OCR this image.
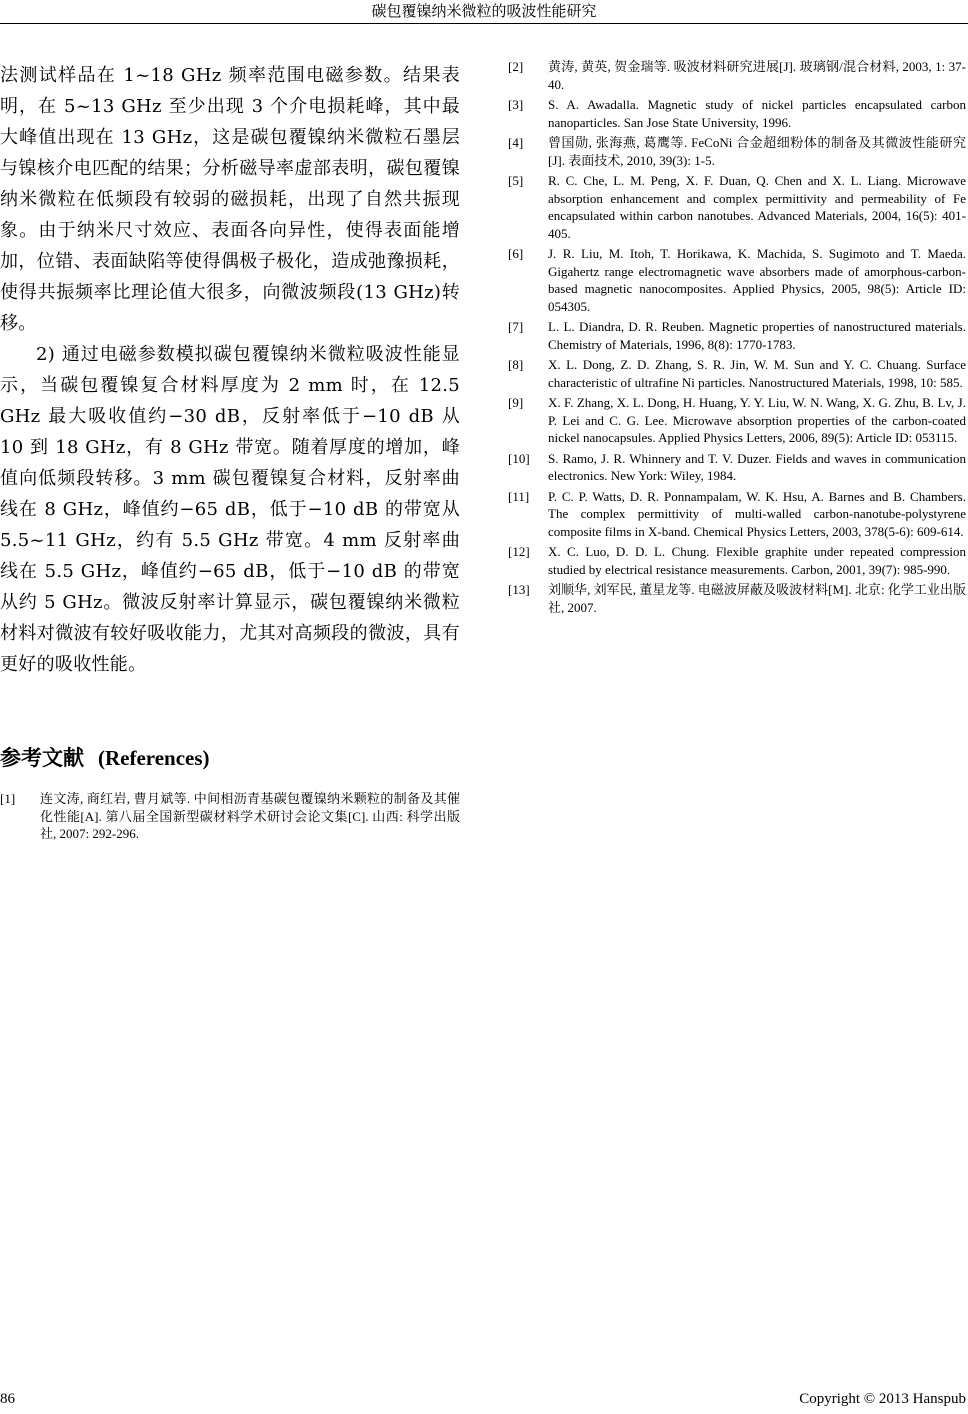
碳包覆镍纳米微粒的吸波性能研究

法测试样品在 1~18 GHz 频率范围电磁参数。结果表明，在 5~13 GHz 至少出现 3 个介电损耗峰，其中最大峰值出现在 13 GHz，这是碳包覆镍纳米微粒石墨层与镍核介电匹配的结果；分析磁导率虚部表明，碳包覆镍纳米微粒在低频段有较弱的磁损耗，出现了自然共振现象。由于纳米尺寸效应、表面各向异性，使得表面能增加，位错、表面缺陷等使得偶极子极化，造成弛豫损耗，使得共振频率比理论值大很多，向微波频段(13 GHz)转移。

2) 通过电磁参数模拟碳包覆镍纳米微粒吸波性能显示，当碳包覆镍复合材料厚度为 2 mm 时，在 12.5 GHz 最大吸收值约−30 dB，反射率低于−10 dB 从 10 到 18 GHz，有 8 GHz 带宽。随着厚度的增加，峰值向低频段转移。3 mm 碳包覆镍复合材料，反射率曲线在 8 GHz，峰值约−65 dB，低于−10 dB 的带宽从 5.5~11 GHz，约有 5.5 GHz 带宽。4 mm 反射率曲线在 5.5 GHz，峰值约−65 dB，低于−10 dB 的带宽从约 5 GHz。微波反射率计算显示，碳包覆镍纳米微粒材料对微波有较好吸收能力，尤其对高频段的微波，具有更好的吸收性能。

参考文献 (References)
[1]	连文涛, 商红岩, 曹月斌等. 中间相沥青基碳包覆镍纳米颗粒的制备及其催化性能[A]. 第八届全国新型碳材料学术研讨会论文集[C]. 山西: 科学出版社, 2007: 292-296.
[2]	黄涛, 黄英, 贺金瑞等. 吸波材料研究进展[J]. 玻璃钢/混合材料, 2003, 1: 37-40.
[3]	S. A. Awadalla. Magnetic study of nickel particles encapsulated carbon nanoparticles. San Jose State University, 1996.
[4]	曾国勋, 张海燕, 葛鹰等. FeCoNi 合金超细粉体的制备及其微波性能研究[J]. 表面技术, 2010, 39(3): 1-5.
[5]	R. C. Che, L. M. Peng, X. F. Duan, Q. Chen and X. L. Liang. Microwave absorption enhancement and complex permittivity and permeability of Fe encapsulated within carbon nanotubes. Advanced Materials, 2004, 16(5): 401-405.
[6]	J. R. Liu, M. Itoh, T. Horikawa, K. Machida, S. Sugimoto and T. Maeda. Gigahertz range electromagnetic wave absorbers made of amorphous-carbon-based magnetic nanocomposites. Applied Physics, 2005, 98(5): Article ID: 054305.
[7]	L. L. Diandra, D. R. Reuben. Magnetic properties of nanostructured materials. Chemistry of Materials, 1996, 8(8): 1770-1783.
[8]	X. L. Dong, Z. D. Zhang, S. R. Jin, W. M. Sun and Y. C. Chuang. Surface characteristic of ultrafine Ni particles. Nanostructured Materials, 1998, 10: 585.
[9]	X. F. Zhang, X. L. Dong, H. Huang, Y. Y. Liu, W. N. Wang, X. G. Zhu, B. Lv, J. P. Lei and C. G. Lee. Microwave absorption properties of the carbon-coated nickel nanocapsules. Applied Physics Letters, 2006, 89(5): Article ID: 053115.
[10]	S. Ramo, J. R. Whinnery and T. V. Duzer. Fields and waves in communication electronics. New York: Wiley, 1984.
[11]	P. C. P. Watts, D. R. Ponnampalam, W. K. Hsu, A. Barnes and B. Chambers. The complex permittivity of multi-walled carbon-nanotube-polystyrene composite films in X-band. Chemical Physics Letters, 2003, 378(5-6): 609-614.
[12]	X. C. Luo, D. D. L. Chung. Flexible graphite under repeated compression studied by electrical resistance measurements. Carbon, 2001, 39(7): 985-990.
[13]	刘顺华, 刘军民, 董星龙等. 电磁波屏蔽及吸波材料[M]. 北京: 化学工业出版社, 2007.
86	Copyright © 2013 Hanspub
